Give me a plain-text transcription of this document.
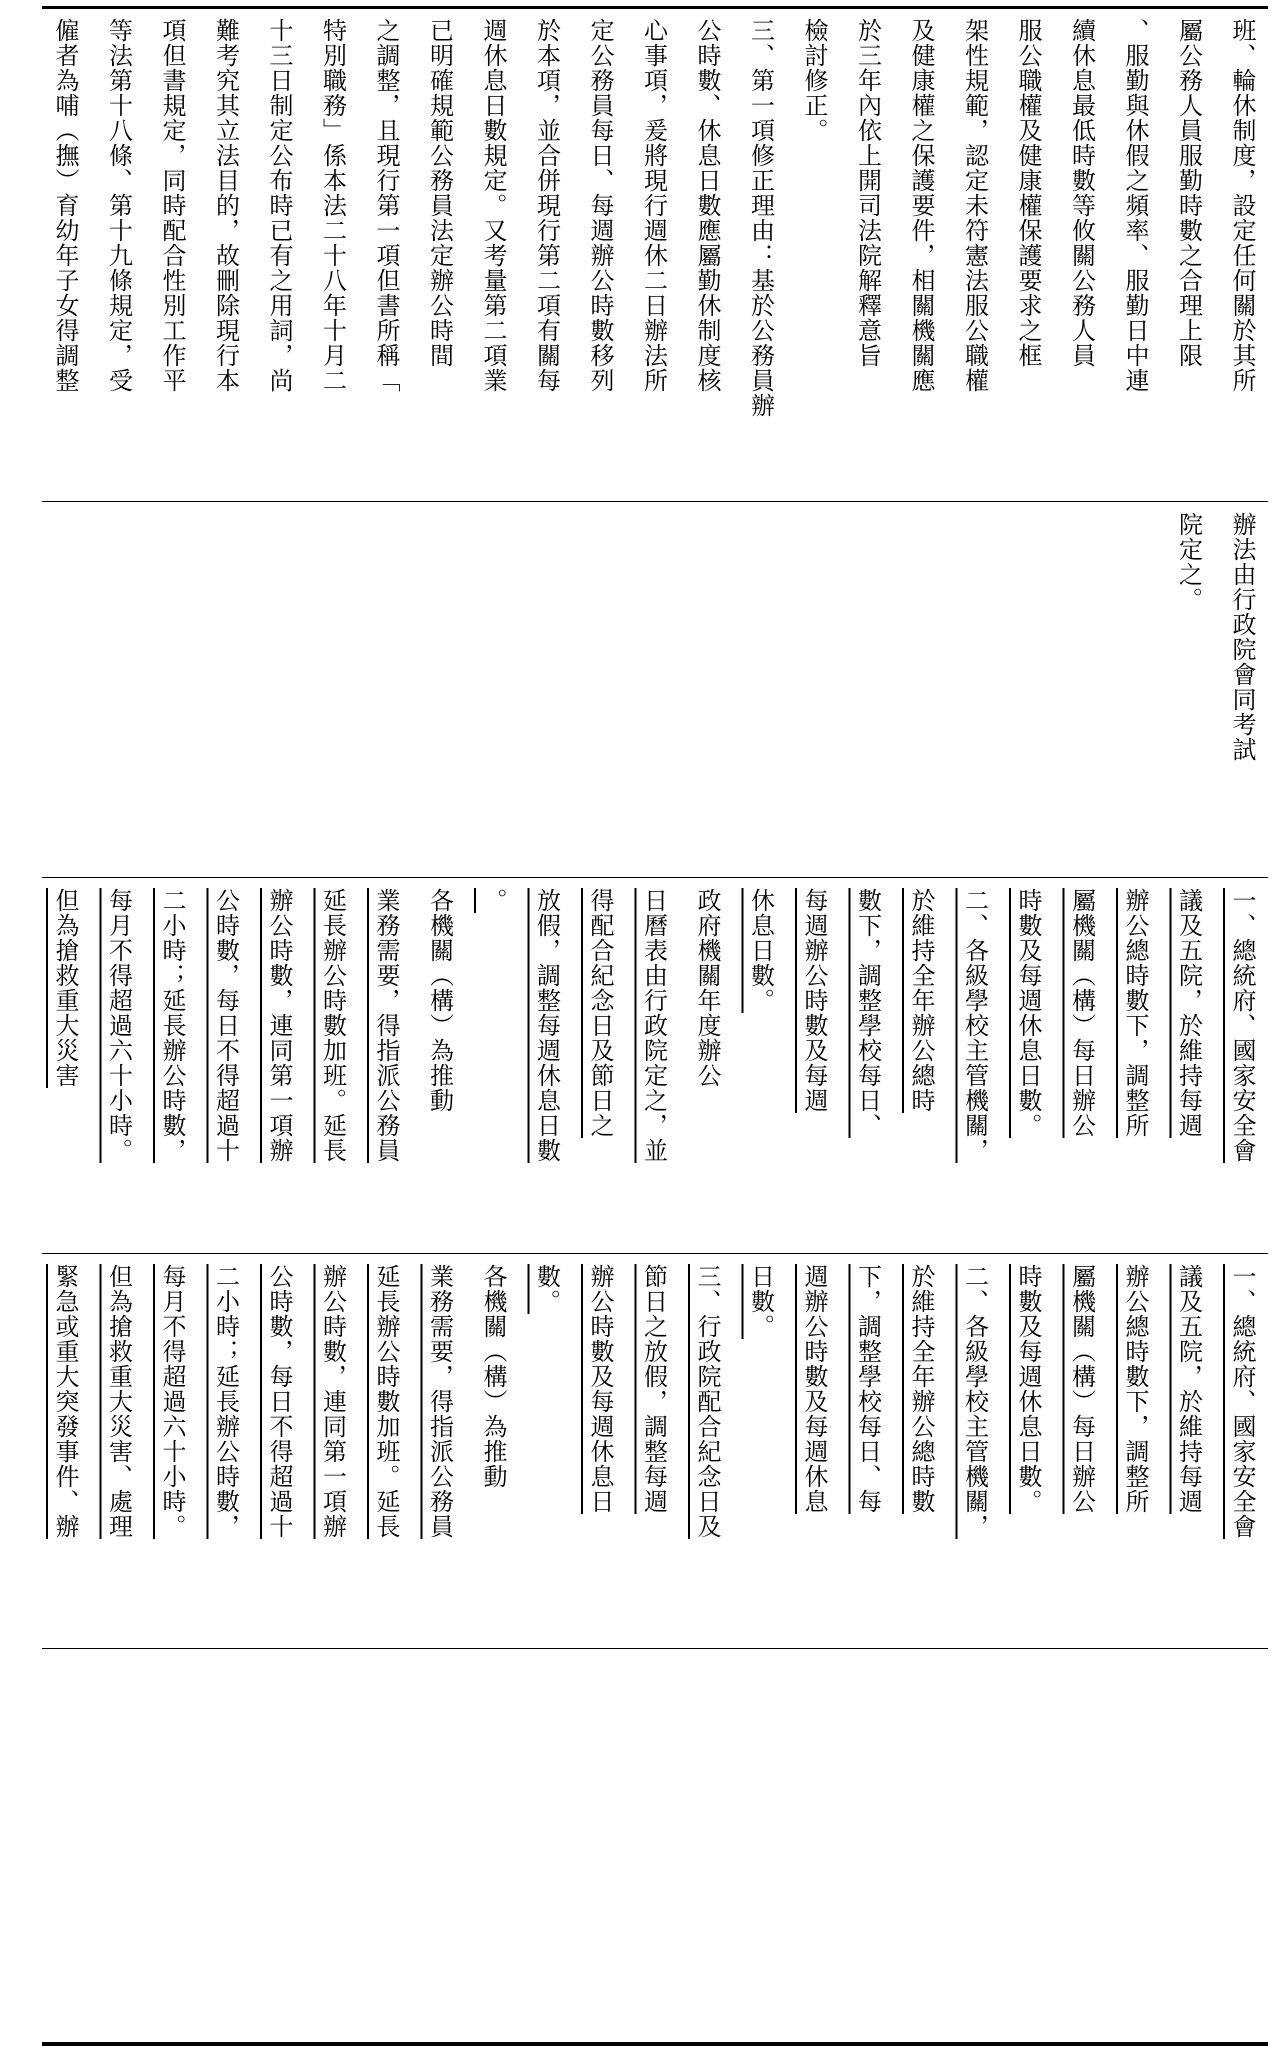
班、輪休制度，設定任何關於其所

屬公務人員服勤時數之合理上限

、服勤與休假之頻率、服勤日中連

續休息最低時數等攸關公務人員

服公職權及健康權保護要求之框

架性規範，認定未符憲法服公職權

及健康權之保護要件，相關機關應

於三年內依上開司法院解釋意旨

檢討修正。

三、第一項修正理由：基於公務員辦

公時數、休息日數應屬勤休制度核

心事項，爰將現行週休二日辦法所

定公務員每日、每週辦公時數移列

於本項，並合併現行第二項有關每

週休息日數規定。又考量第二項業

已明確規範公務員法定辦公時間

之調整，且現行第一項但書所稱「

特別職務」係本法二十八年十月二

十三日制定公布時已有之用詞，尚

難考究其立法目的，故刪除現行本

項但書規定，同時配合性別工作平

等法第十八條、第十九條規定，受

僱者為哺（撫）育幼年子女得調整

辦法由行政院會同考試

院定之。

一、總統府、國家安全會

議及五院，於維持每週

辦公總時數下，調整所

屬機關（構）每日辦公

時數及每週休息日數。

二、各級學校主管機關，

於維持全年辦公總時

數下，調整學校每日、

每週辦公時數及每週

休息日數。

政府機關年度辦公

日曆表由行政院定之，並

得配合紀念日及節日之

放假，調整每週休息日數

。

各機關（構）為推動

業務需要，得指派公務員

延長辦公時數加班。延長

辦公時數，連同第一項辦

公時數，每日不得超過十

二小時；延長辦公時數，

每月不得超過六十小時。

但為搶救重大災害

一、總統府、國家安全會

議及五院，於維持每週

辦公總時數下，調整所

屬機關（構）每日辦公

時數及每週休息日數。

二、各級學校主管機關，

於維持全年辦公總時數

下，調整學校每日、每

週辦公時數及每週休息

日數。

三、行政院配合紀念日及

節日之放假，調整每週

辦公時數及每週休息日

數。

各機關（構）為推動

業務需要，得指派公務員

延長辦公時數加班。延長

辦公時數，連同第一項辦

公時數，每日不得超過十

二小時；延長辦公時數，

每月不得超過六十小時。

但為搶救重大災害、處理

緊急或重大突發事件、辦
